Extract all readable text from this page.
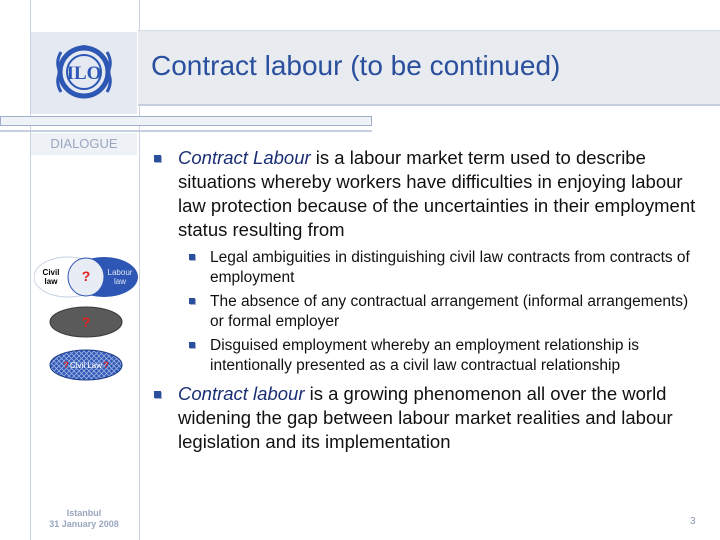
ILO Contract labour (to be continued)
DIALOGUE
Civil
law ? Labour
law
?
? Civil Law ?
Istanbul
31 January 2008
Contract Labour is a labour market term used to describe situations whereby workers have difficulties in enjoying labour law protection because of the uncertainties in their employment status resulting from
Legal ambiguities in distinguishing civil law contracts from contracts of employment
The absence of any contractual arrangement (informal arrangements) or formal employer
Disguised employment whereby an employment relationship is intentionally presented as a civil law contractual relationship
Contract labour is a growing phenomenon all over the world widening the gap between labour market realities and labour legislation and its implementation
3
